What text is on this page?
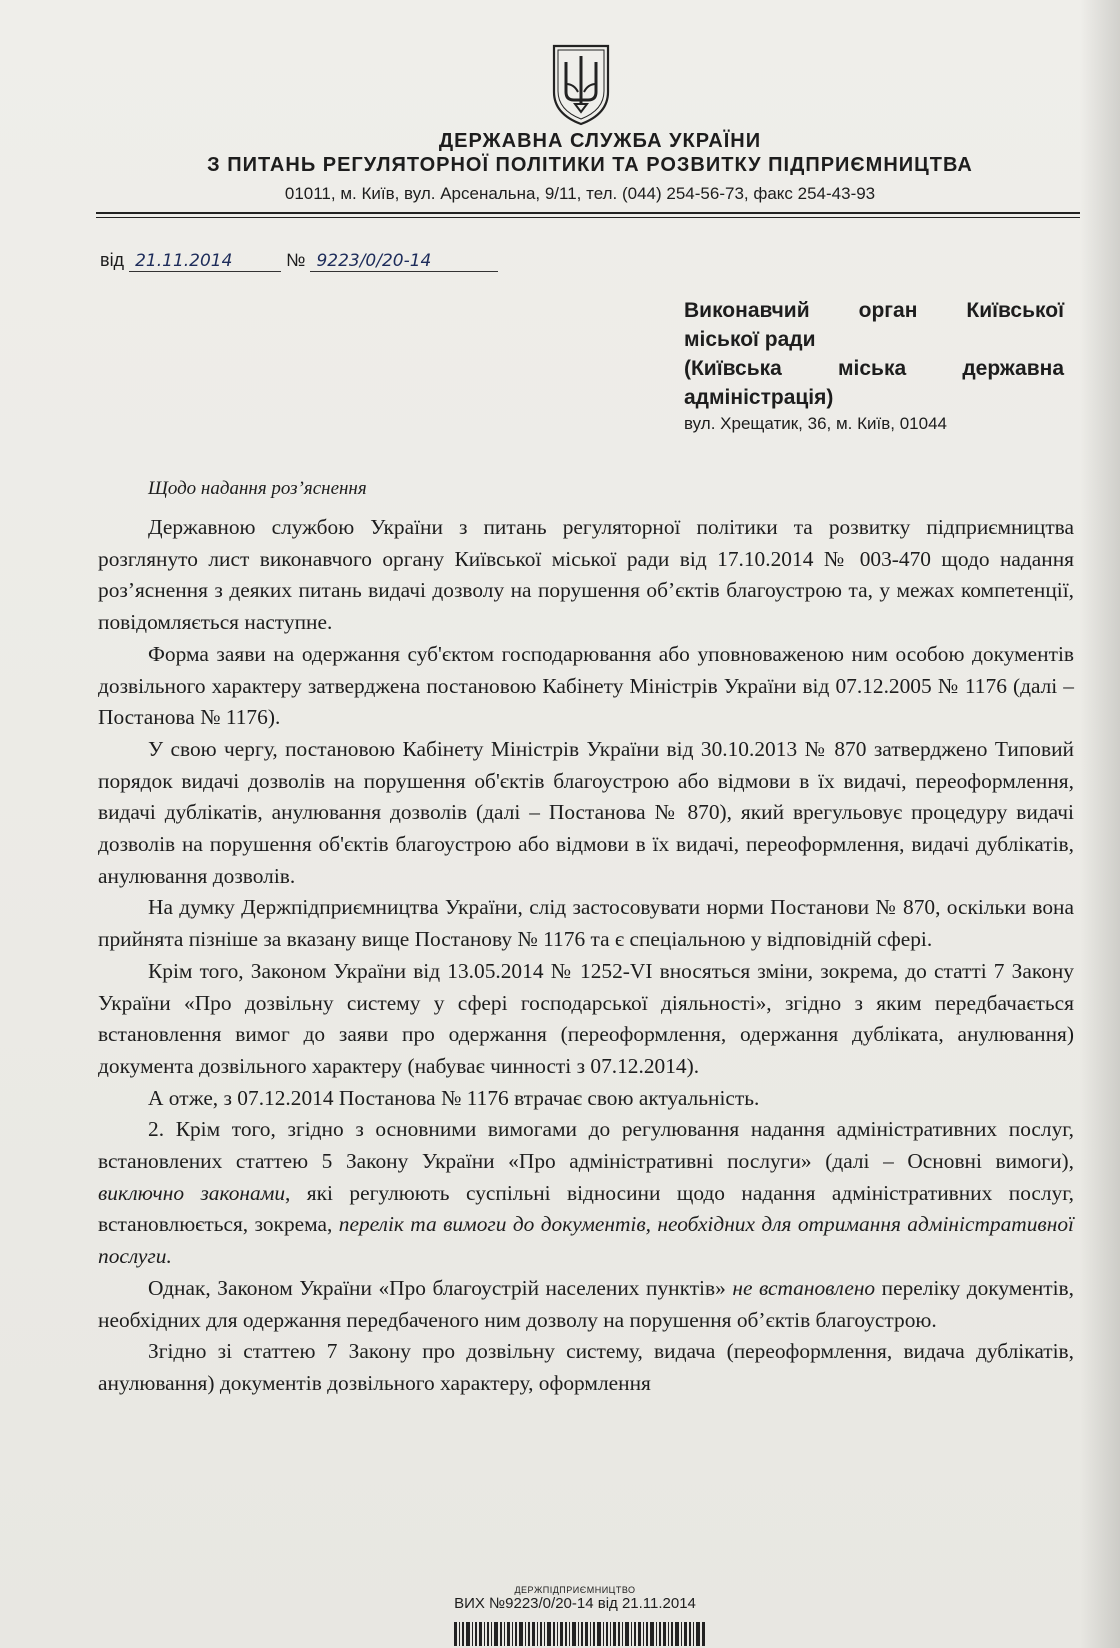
ДЕРЖАВНА СЛУЖБА УКРАЇНИ
З ПИТАНЬ РЕГУЛЯТОРНОЇ ПОЛІТИКИ ТА РОЗВИТКУ ПІДПРИЄМНИЦТВА
01011, м. Київ, вул. Арсенальна, 9/11, тел. (044) 254-56-73, факс 254-43-93
від 21.11.2014	№ 9223/0/20-14
Виконавчий орган Київської
міської ради
(Київська міська державна
адміністрація)
вул. Хрещатик, 36, м. Київ, 01044
Щодо надання роз’яснення

Державною службою України з питань регуляторної політики та розвитку підприємництва розглянуто лист виконавчого органу Київської міської ради від 17.10.2014 № 003-470 щодо надання роз’яснення з деяких питань видачі дозволу на порушення об’єктів благоустрою та, у межах компетенції, повідомляється наступне.

Форма заяви на одержання суб'єктом господарювання або уповноваженою ним особою документів дозвільного характеру затверджена постановою Кабінету Міністрів України від 07.12.2005 № 1176 (далі – Постанова № 1176).

У свою чергу, постановою Кабінету Міністрів України від 30.10.2013 № 870 затверджено Типовий порядок видачі дозволів на порушення об'єктів благоустрою або відмови в їх видачі, переоформлення, видачі дублікатів, анулювання дозволів (далі – Постанова № 870), який врегульовує процедуру видачі дозволів на порушення об'єктів благоустрою або відмови в їх видачі, переоформлення, видачі дублікатів, анулювання дозволів.

На думку Держпідприємництва України, слід застосовувати норми Постанови № 870, оскільки вона прийнята пізніше за вказану вище Постанову № 1176 та є спеціальною у відповідній сфері.

Крім того, Законом України від 13.05.2014 № 1252-VI вносяться зміни, зокрема, до статті 7 Закону України «Про дозвільну систему у сфері господарської діяльності», згідно з яким передбачається встановлення вимог до заяви про одержання (переоформлення, одержання дубліката, анулювання) документа дозвільного характеру (набуває чинності з 07.12.2014).

А отже, з 07.12.2014 Постанова № 1176 втрачає свою актуальність.

2. Крім того, згідно з основними вимогами до регулювання надання адміністративних послуг, встановлених статтею 5 Закону України «Про адміністративні послуги» (далі – Основні вимоги), виключно законами, які регулюють суспільні відносини щодо надання адміністративних послуг, встановлюється, зокрема, перелік та вимоги до документів, необхідних для отримання адміністративної послуги.

Однак, Законом України «Про благоустрій населених пунктів» не встановлено переліку документів, необхідних для одержання передбаченого ним дозволу на порушення об’єктів благоустрою.

Згідно зі статтею 7 Закону про дозвільну систему, видача (переоформлення, видача дублікатів, анулювання) документів дозвільного характеру, оформлення

ДЕРЖПІДПРИЄМНИЦТВО
ВИХ №9223/0/20-14 від 21.11.2014
